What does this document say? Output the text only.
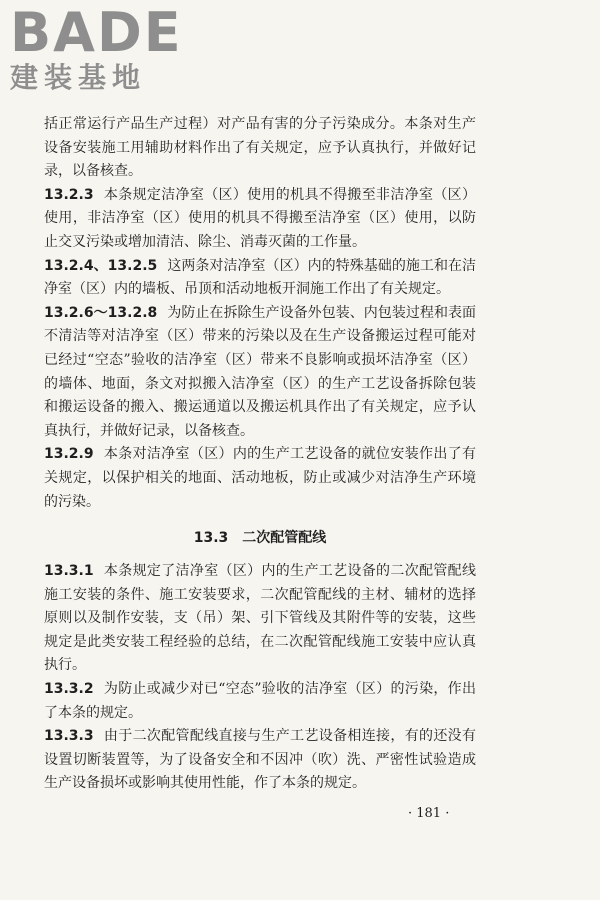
BADE
建装基地

括正常运行产品生产过程）对产品有害的分子污染成分。本条对生产设备安装施工用辅助材料作出了有关规定，应予认真执行，并做好记录，以备核查。

13.2.3 本条规定洁净室（区）使用的机具不得搬至非洁净室（区）使用，非洁净室（区）使用的机具不得搬至洁净室（区）使用，以防止交叉污染或增加清洁、除尘、消毒灭菌的工作量。

13.2.4、13.2.5 这两条对洁净室（区）内的特殊基础的施工和在洁净室（区）内的墙板、吊顶和活动地板开洞施工作出了有关规定。

13.2.6～13.2.8 为防止在拆除生产设备外包装、内包装过程和表面不清洁等对洁净室（区）带来的污染以及在生产设备搬运过程可能对已经过“空态”验收的洁净室（区）带来不良影响或损坏洁净室（区）的墙体、地面，条文对拟搬入洁净室（区）的生产工艺设备拆除包装和搬运设备的搬入、搬运通道以及搬运机具作出了有关规定，应予认真执行，并做好记录，以备核查。

13.2.9 本条对洁净室（区）内的生产工艺设备的就位安装作出了有关规定，以保护相关的地面、活动地板，防止或减少对洁净生产环境的污染。

13.3 二次配管配线

13.3.1 本条规定了洁净室（区）内的生产工艺设备的二次配管配线施工安装的条件、施工安装要求，二次配管配线的主材、辅材的选择原则以及制作安装，支（吊）架、引下管线及其附件等的安装，这些规定是此类安装工程经验的总结，在二次配管配线施工安装中应认真执行。

13.3.2 为防止或减少对已“空态”验收的洁净室（区）的污染，作出了本条的规定。

13.3.3 由于二次配管配线直接与生产工艺设备相连接，有的还没有设置切断装置等，为了设备安全和不因冲（吹）洗、严密性试验造成生产设备损坏或影响其使用性能，作了本条的规定。

· 181 ·
